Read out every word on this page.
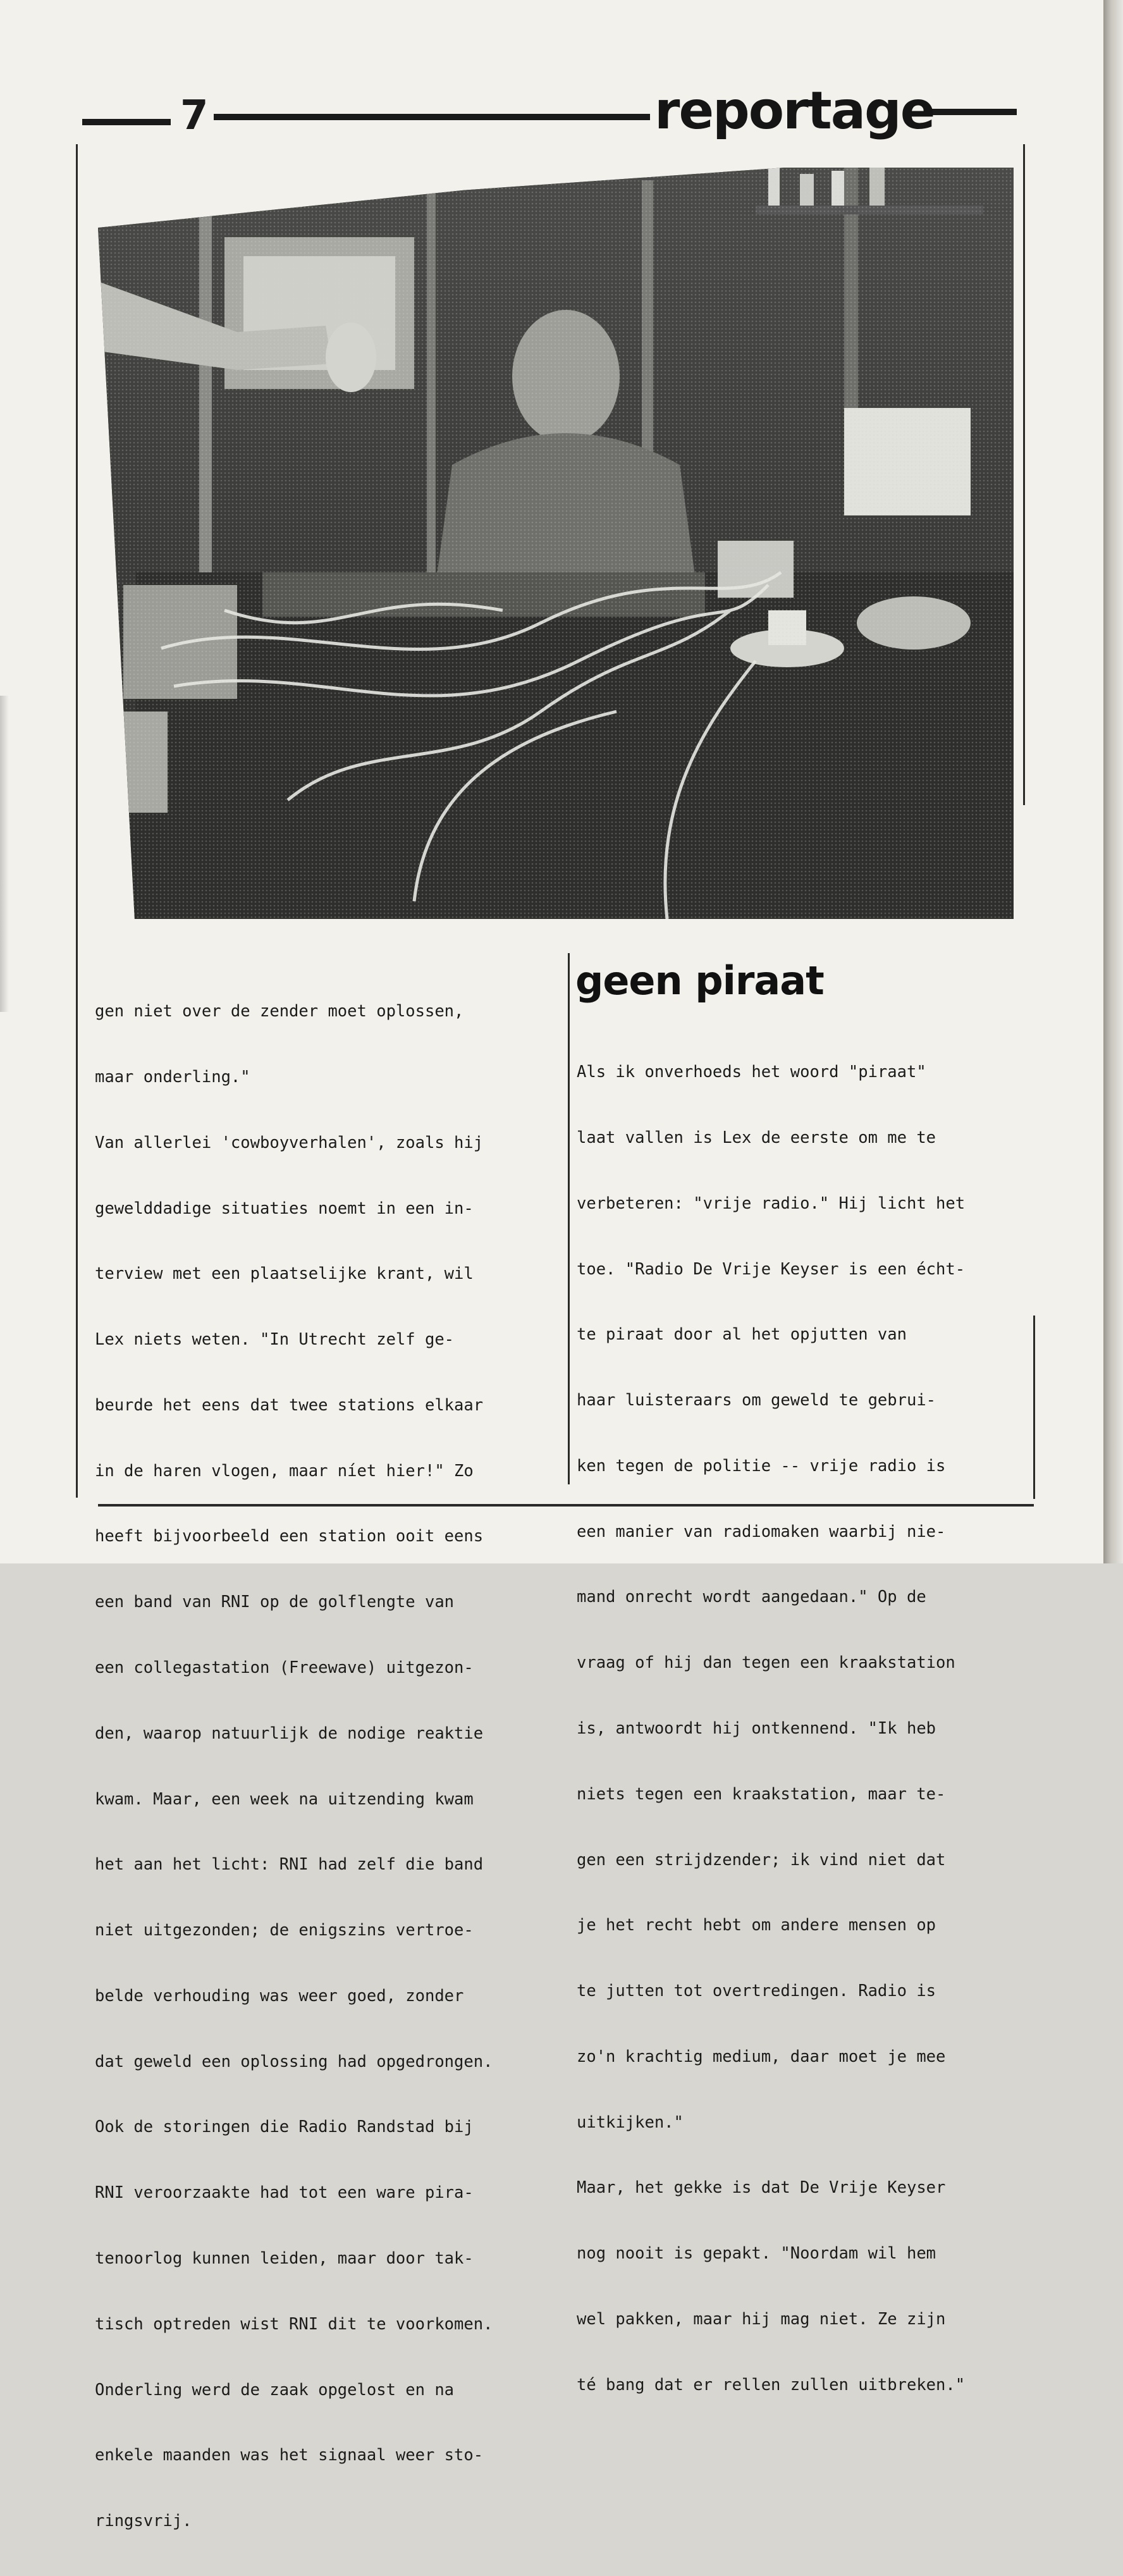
7	reportage

gen niet over de zender moet oplossen,

maar onderling."

Van allerlei 'cowboyverhalen', zoals hij

gewelddadige situaties noemt in een in-

terview met een plaatselijke krant, wil

Lex niets weten. "In Utrecht zelf ge-

beurde het eens dat twee stations elkaar

in de haren vlogen, maar níet hier!" Zo

heeft bijvoorbeeld een station ooit eens

een band van RNI op de golflengte van

een collegastation (Freewave) uitgezon-

den, waarop natuurlijk de nodige reaktie

kwam. Maar, een week na uitzending kwam

het aan het licht: RNI had zelf die band

niet uitgezonden; de enigszins vertroe-

belde verhouding was weer goed, zonder

dat geweld een oplossing had opgedrongen.

Ook de storingen die Radio Randstad bij

RNI veroorzaakte had tot een ware pira-

tenoorlog kunnen leiden, maar door tak-

tisch optreden wist RNI dit te voorkomen.

Onderling werd de zaak opgelost en na

enkele maanden was het signaal weer sto-

ringsvrij.

geen piraat

Als ik onverhoeds het woord "piraat"

laat vallen is Lex de eerste om me te

verbeteren: "vrije radio." Hij licht het

toe. "Radio De Vrije Keyser is een écht-

te piraat door al het opjutten van

haar luisteraars om geweld te gebrui-

ken tegen de politie -- vrije radio is

een manier van radiomaken waarbij nie-

mand onrecht wordt aangedaan." Op de

vraag of hij dan tegen een kraakstation

is, antwoordt hij ontkennend. "Ik heb

niets tegen een kraakstation, maar te-

gen een strijdzender; ik vind niet dat

je het recht hebt om andere mensen op

te jutten tot overtredingen. Radio is

zo'n krachtig medium, daar moet je mee

uitkijken."

Maar, het gekke is dat De Vrije Keyser

nog nooit is gepakt. "Noordam wil hem

wel pakken, maar hij mag niet. Ze zijn

té bang dat er rellen zullen uitbreken."
